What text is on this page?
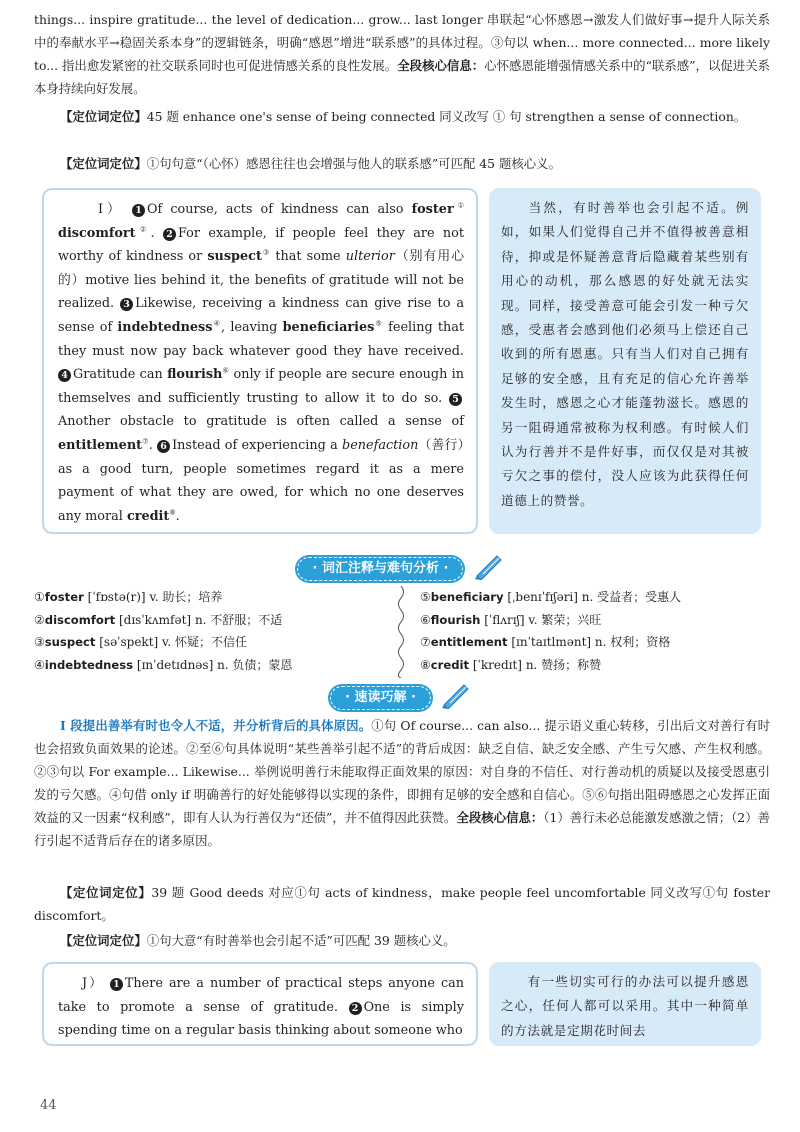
things... inspire gratitude... the level of dedication... grow... last longer 串联起“心怀感恩→激发人们做好事→提升人际关系中的奉献水平→稳固关系本身”的逻辑链条，明确“感恩”增进“联系感”的具体过程。③句以 when... more connected... more likely to... 指出愈发紧密的社交联系同时也可促进情感关系的良性发展。全段核心信息：心怀感恩能增强情感关系中的“联系感”，以促进关系本身持续向好发展。

【定位词定位】45 题 enhance one's sense of being connected 同义改写 ① 句 strengthen a sense of connection。

【定位词定位】①句句意“（心怀）感恩往往也会增强与他人的联系感”可匹配 45 题核心义。

I） 1 Of course, acts of kindness can also foster① discomfort②. 2 For example, if people feel they are not worthy of kindness or suspect③ that some ulterior（别有用心的）motive lies behind it, the benefits of gratitude will not be realized. 3 Likewise, receiving a kindness can give rise to a sense of indebtedness④, leaving beneficiaries⑤ feeling that they must now pay back whatever good they have received. 4 Gratitude can flourish⑥ only if people are secure enough in themselves and sufficiently trusting to allow it to do so. 5Another obstacle to gratitude is often called a sense of entitlement⑦. 6 Instead of experiencing a benefaction（善行）as a good turn, people sometimes regard it as a mere payment of what they are owed, for which no one deserves any moral credit⑧.
当然，有时善举也会引起不适。例如，如果人们觉得自己并不值得被善意相待，抑或是怀疑善意背后隐藏着某些别有用心的动机，那么感恩的好处就无法实现。同样，接受善意可能会引发一种亏欠感，受惠者会感到他们必须马上偿还自己收到的所有恩惠。只有当人们对自己拥有足够的安全感，且有充足的信心允许善举发生时，感恩之心才能蓬勃滋长。感恩的另一阻碍通常被称为权利感。有时候人们认为行善并不是件好事，而仅仅是对其被亏欠之事的偿付，没人应该为此获得任何道德上的赞誉。
· 词汇注释与难句分析 ·
①foster [ˈfɒstə(r)] v. 助长；培养
②discomfort [dɪsˈkʌmfət] n. 不舒服；不适
③suspect [səˈspekt] v. 怀疑；不信任
④indebtedness [ɪnˈdetɪdnəs] n. 负债；蒙恩
⑤beneficiary [ˌbenɪˈfɪʃəri] n. 受益者；受惠人
⑥flourish [ˈflʌrɪʃ] v. 繁荣；兴旺
⑦entitlement [ɪnˈtaɪtlmənt] n. 权利；资格
⑧credit [ˈkredɪt] n. 赞扬；称赞
· 速读巧解 ·

I 段提出善举有时也令人不适，并分析背后的具体原因。①句 Of course... can also... 提示语义重心转移，引出后文对善行有时也会招致负面效果的论述。②至⑥句具体说明“某些善举引起不适”的背后成因：缺乏自信、缺乏安全感、产生亏欠感、产生权利感。②③句以 For example... Likewise... 举例说明善行未能取得正面效果的原因：对自身的不信任、对行善动机的质疑以及接受恩惠引发的亏欠感。④句借 only if 明确善行的好处能够得以实现的条件，即拥有足够的安全感和自信心。⑤⑥句指出阻碍感恩之心发挥正面效益的又一因素“权利感”，即有人认为行善仅为“还债”，并不值得因此获赞。全段核心信息：（1）善行未必总能激发感激之情；（2）善行引起不适背后存在的诸多原因。

【定位词定位】39 题 Good deeds 对应①句 acts of kindness，make people feel uncomfortable 同义改写①句 foster discomfort。

【定位词定位】①句大意“有时善举也会引起不适”可匹配 39 题核心义。

J） 1 There are a number of practical steps anyone can take to promote a sense of gratitude. 2 One is simply spending time on a regular basis thinking about someone who
有一些切实可行的办法可以提升感恩之心，任何人都可以采用。其中一种简单的方法就是定期花时间去
44
